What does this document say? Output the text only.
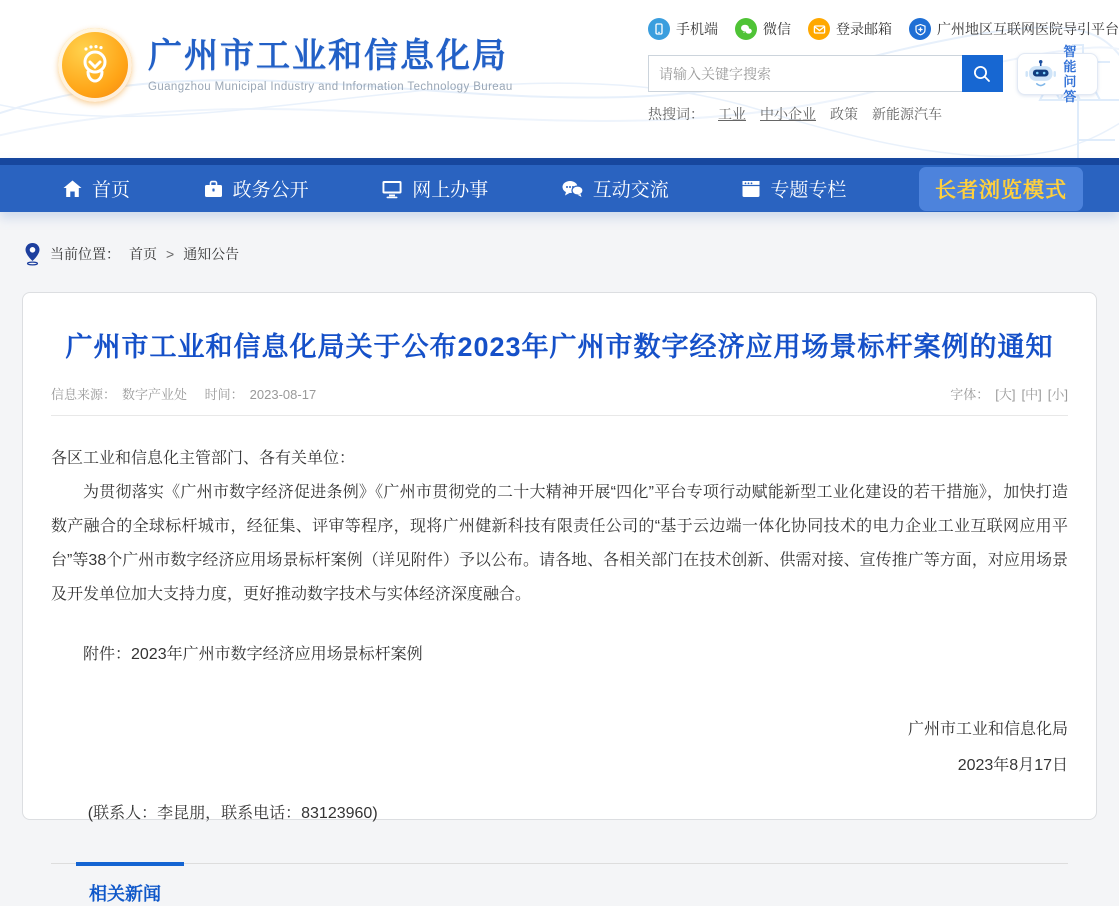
广州市工业和信息化局
Guangzhou Municipal Industry and Information Technology Bureau
手机端	微信	登录邮箱	广州地区互联网医院导引平台
请输入关键字搜索
智能
问答
热搜词： 工业 中小企业 政策 新能源汽车
首页	政务公开	网上办事	互动交流	专题专栏	长者浏览模式
当前位置： 首页 > 通知公告
广州市工业和信息化局关于公布2023年广州市数字经济应用场景标杆案例的通知
信息来源： 数字产业处 时间： 2023-08-17	字体： [大] [中] [小]

各区工业和信息化主管部门、各有关单位：

为贯彻落实《广州市数字经济促进条例》《广州市贯彻党的二十大精神开展“四化”平台专项行动赋能新型工业化建设的若干措施》，加快打造数产融合的全球标杆城市，经征集、评审等程序，现将广州健新科技有限责任公司的“基于云边端一体化协同技术的电力企业工业互联网应用平台”等38个广州市数字经济应用场景标杆案例（详见附件）予以公布。请各地、各相关部门在技术创新、供需对接、宣传推广等方面，对应用场景及开发单位加大支持力度，更好推动数字技术与实体经济深度融合。

附件：2023年广州市数字经济应用场景标杆案例

广州市工业和信息化局
2023年8月17日

(联系人：李昆朋，联系电话：83123960)

相关新闻
